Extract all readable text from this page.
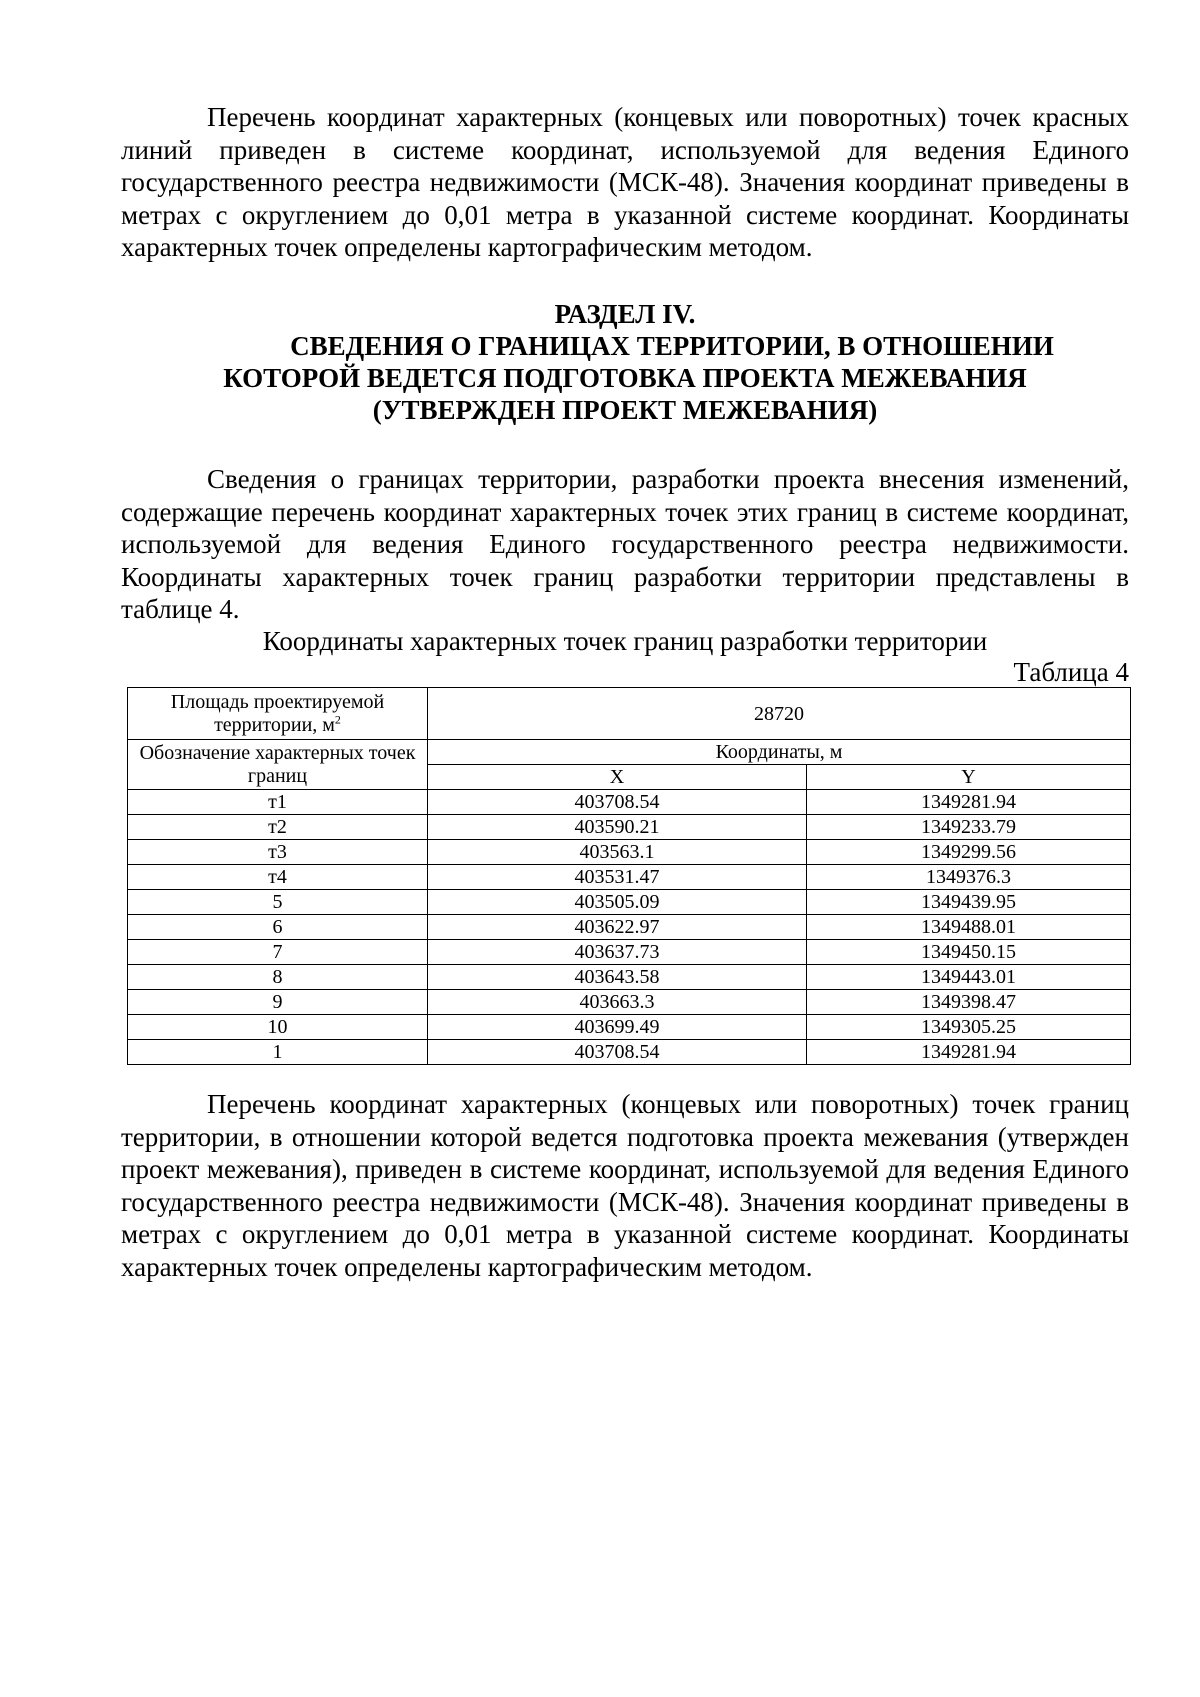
Перечень координат характерных (концевых или поворотных) точек красных линий приведен в системе координат, используемой для ведения Единого государственного реестра недвижимости (МСК-48). Значения координат приведены в метрах с округлением до 0,01 метра в указанной системе координат. Координаты характерных точек определены картографическим методом.

РАЗДЕЛ IV.
СВЕДЕНИЯ О ГРАНИЦАХ ТЕРРИТОРИИ, В ОТНОШЕНИИ
КОТОРОЙ ВЕДЕТСЯ ПОДГОТОВКА ПРОЕКТА МЕЖЕВАНИЯ
(УТВЕРЖДЕН ПРОЕКТ МЕЖЕВАНИЯ)

Сведения о границах территории, разработки проекта внесения изменений, содержащие перечень координат характерных точек этих границ в системе координат, используемой для ведения Единого государственного реестра недвижимости. Координаты характерных точек границ разработки территории представлены в таблице 4.

Координаты характерных точек границ разработки территории

Таблица 4
Площадь проектируемой территории, $м^2$	28720	
Обозначение характерных точек границ	Координаты, м	
	X	Y
т1	403708.54	1349281.94
т2	403590.21	1349233.79
т3	403563.1	1349299.56
т4	403531.47	1349376.3
5	403505.09	1349439.95
6	403622.97	1349488.01
7	403637.73	1349450.15
8	403643.58	1349443.01
9	403663.3	1349398.47
10	403699.49	1349305.25
1	403708.54	1349281.94

Перечень координат характерных (концевых или поворотных) точек границ территории, в отношении которой ведется подготовка проекта межевания (утвержден проект межевания), приведен в системе координат, используемой для ведения Единого государственного реестра недвижимости (МСК-48). Значения координат приведены в метрах с округлением до 0,01 метра в указанной системе координат. Координаты характерных точек определены картографическим методом.
